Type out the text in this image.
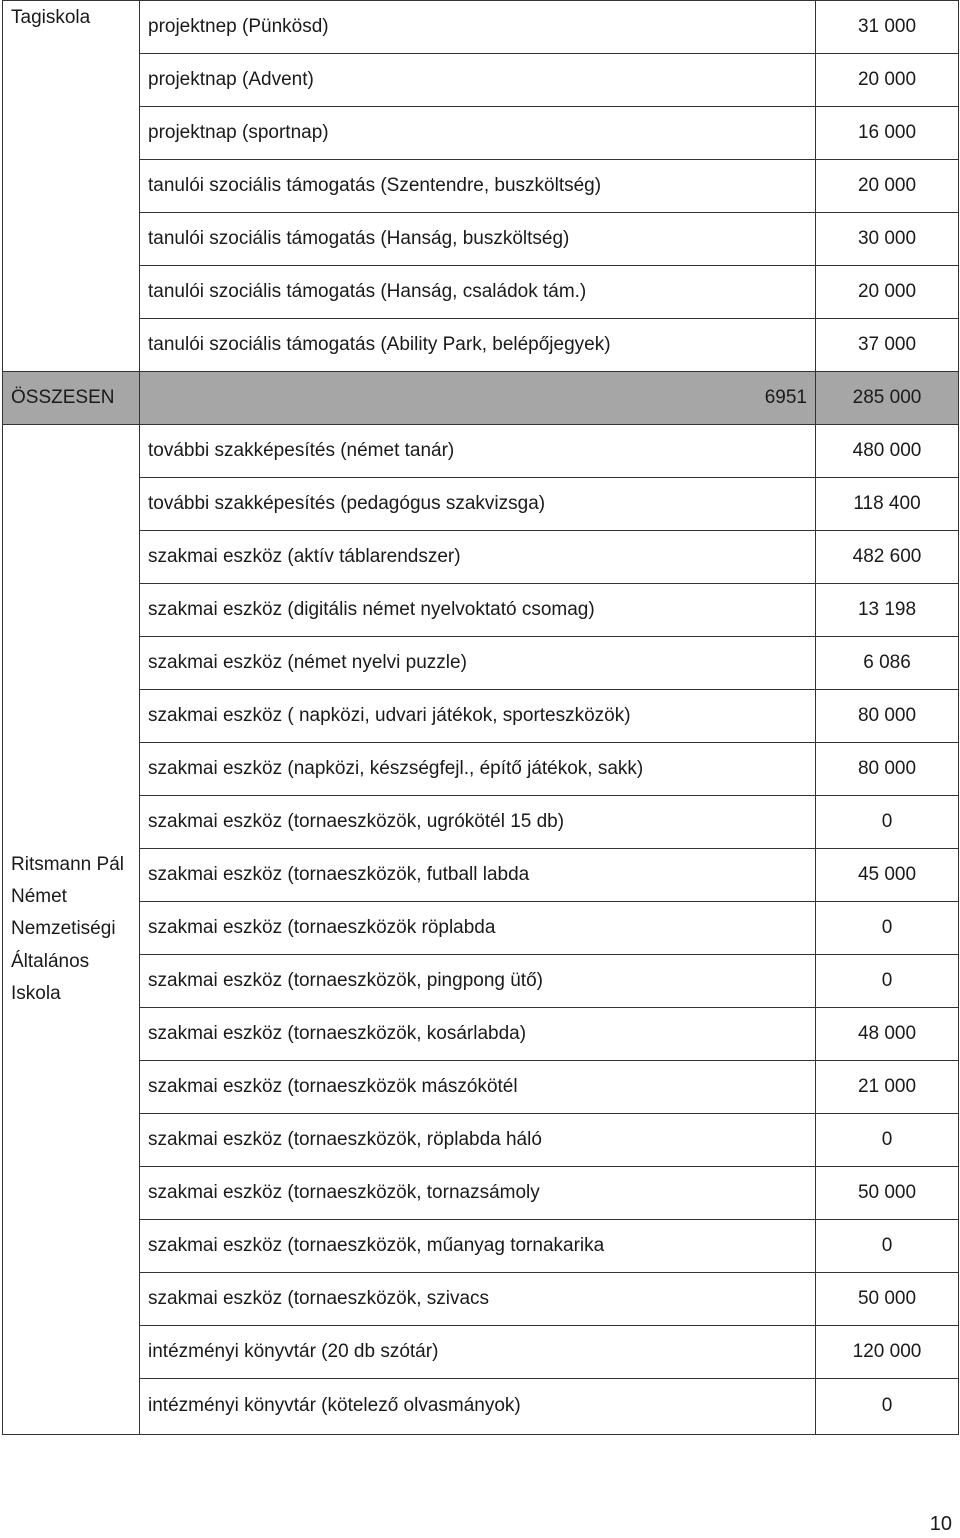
Tagiskola	projektnep (Pünkösd)	31 000
	projektnap (Advent)	20 000
	projektnap (sportnap)	16 000
	tanulói szociális támogatás (Szentendre, buszköltség)	20 000
	tanulói szociális támogatás (Hanság, buszköltség)	30 000
	tanulói szociális támogatás (Hanság, családok tám.)	20 000
	tanulói szociális támogatás (Ability Park, belépőjegyek)	37 000
ÖSSZESEN	6951	285 000
Ritsmann Pál Német Nemzetiségi Általános Iskola	további szakképesítés (német tanár)	480 000
	további szakképesítés (pedagógus szakvizsga)	118 400
	szakmai eszköz (aktív táblarendszer)	482 600
	szakmai eszköz (digitális német nyelvoktató csomag)	13 198
	szakmai eszköz (német nyelvi puzzle)	6 086
	szakmai eszköz ( napközi, udvari játékok, sporteszközök)	80 000
	szakmai eszköz (napközi, készségfejl., építő játékok, sakk)	80 000
	szakmai eszköz (tornaeszközök, ugrókötél 15 db)	0
	szakmai eszköz (tornaeszközök, futball labda	45 000
	szakmai eszköz (tornaeszközök röplabda	0
	szakmai eszköz (tornaeszközök, pingpong ütő)	0
	szakmai eszköz (tornaeszközök, kosárlabda)	48 000
	szakmai eszköz (tornaeszközök mászókötél	21 000
	szakmai eszköz (tornaeszközök, röplabda háló	0
	szakmai eszköz (tornaeszközök, tornazsámoly	50 000
	szakmai eszköz (tornaeszközök, műanyag tornakarika	0
	szakmai eszköz (tornaeszközök, szivacs	50 000
	intézményi könyvtár (20 db szótár)	120 000
	intézményi könyvtár (kötelező olvasmányok)	0
10
